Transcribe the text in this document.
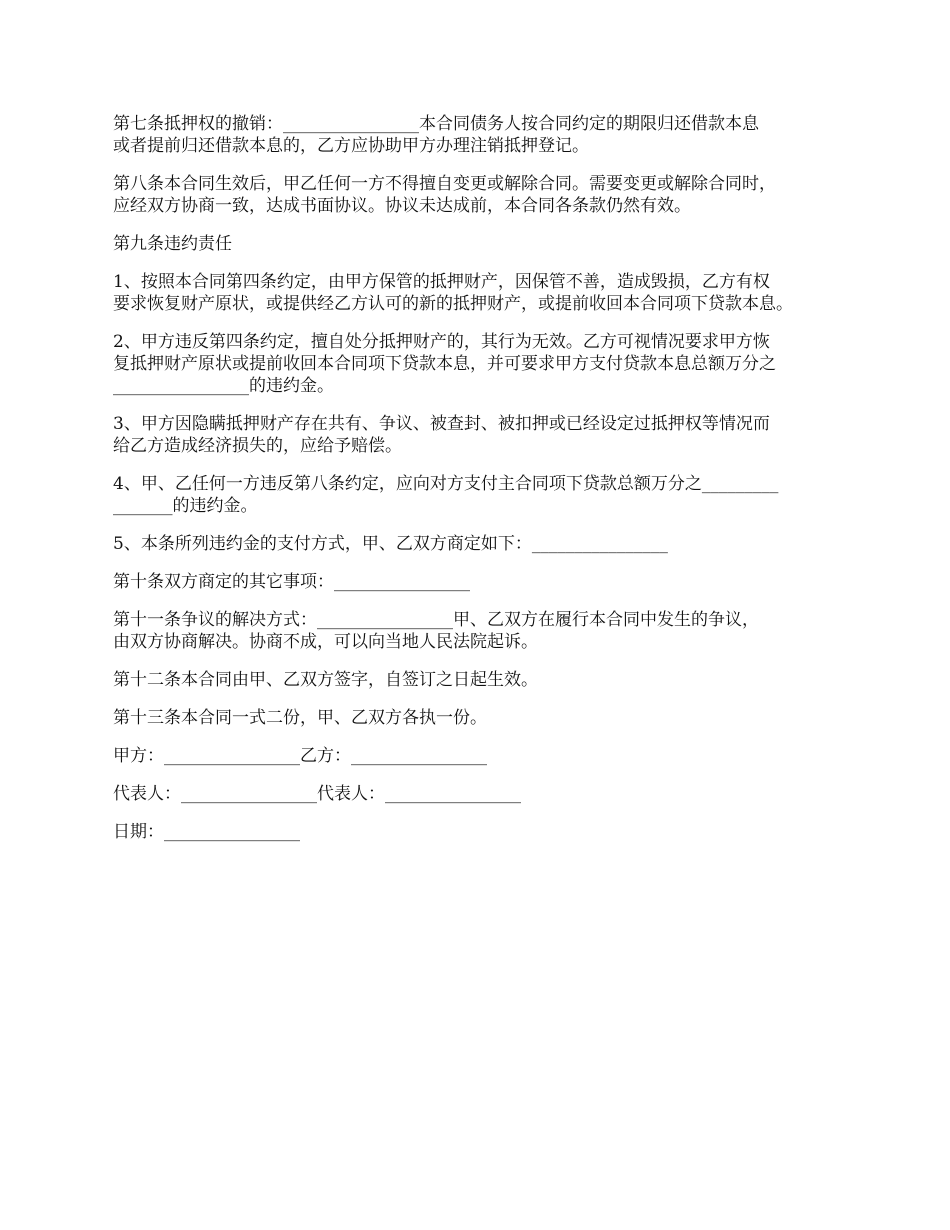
第七条抵押权的撤销：________________本合同债务人按合同约定的期限归还借款本息
或者提前归还借款本息的，乙方应协助甲方办理注销抵押登记。

第八条本合同生效后，甲乙任何一方不得擅自变更或解除合同。需要变更或解除合同时，
应经双方协商一致，达成书面协议。协议未达成前，本合同各条款仍然有效。

第九条违约责任

1、按照本合同第四条约定，由甲方保管的抵押财产，因保管不善，造成毁损，乙方有权
要求恢复财产原状，或提供经乙方认可的新的抵押财产，或提前收回本合同项下贷款本息。

2、甲方违反第四条约定，擅自处分抵押财产的，其行为无效。乙方可视情况要求甲方恢
复抵押财产原状或提前收回本合同项下贷款本息，并可要求甲方支付贷款本息总额万分之
________________的违约金。

3、甲方因隐瞒抵押财产存在共有、争议、被查封、被扣押或已经设定过抵押权等情况而
给乙方造成经济损失的，应给予赔偿。

4、甲、乙任何一方违反第八条约定，应向对方支付主合同项下贷款总额万分之_________
_______的违约金。

5、本条所列违约金的支付方式，甲、乙双方商定如下：________________

第十条双方商定的其它事项：________________

第十一条争议的解决方式：________________甲、乙双方在履行本合同中发生的争议，
由双方协商解决。协商不成，可以向当地人民法院起诉。

第十二条本合同由甲、乙双方签字，自签订之日起生效。

第十三条本合同一式二份，甲、乙双方各执一份。

甲方：________________乙方：________________

代表人：________________代表人：________________

日期：________________
